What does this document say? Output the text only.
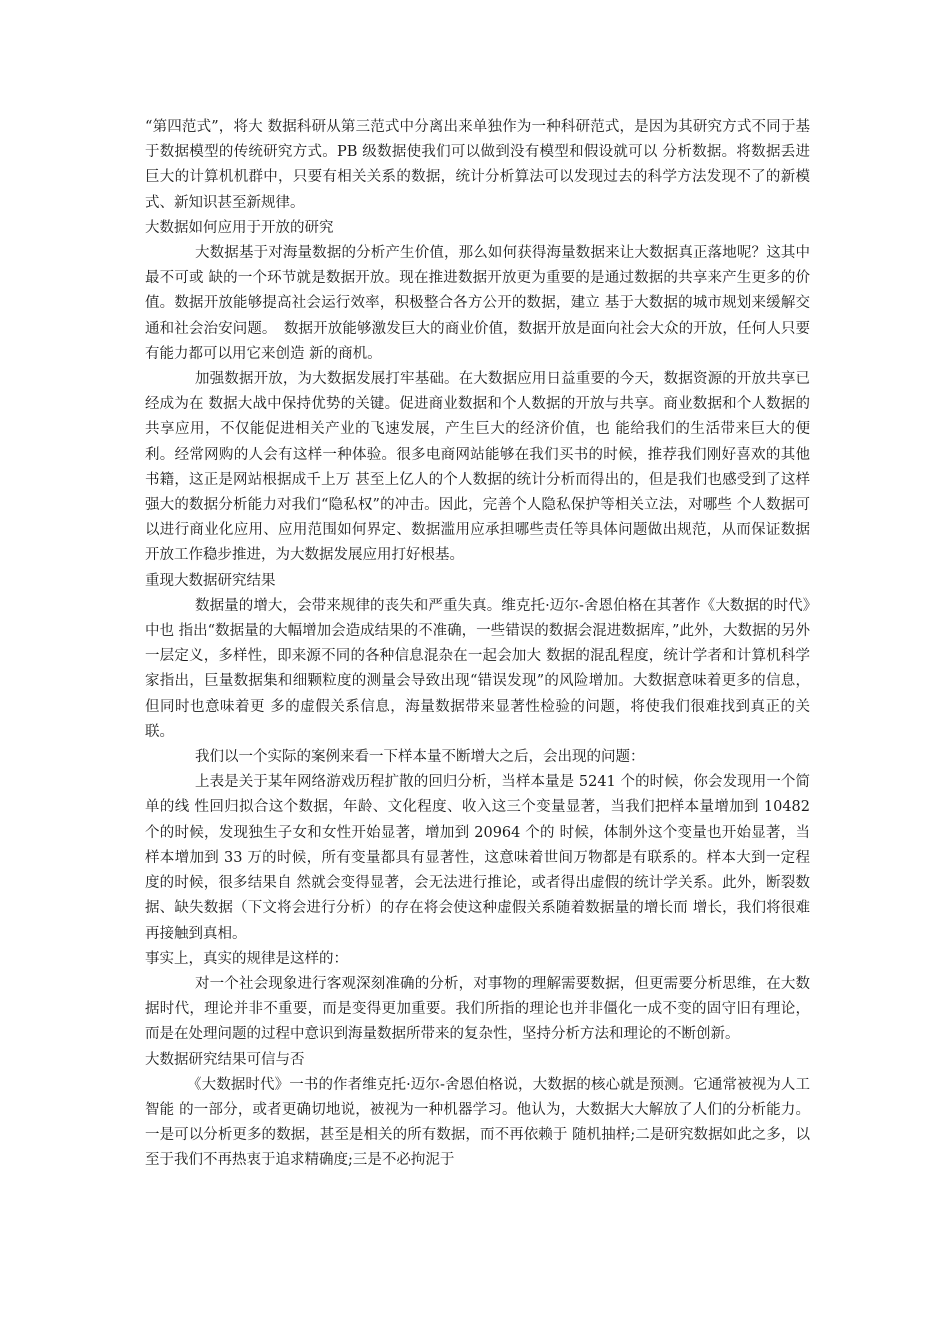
“第四范式”，将大 数据科研从第三范式中分离出来单独作为一种科研范式，是因为其研究方式不同于基于数据模型的传统研究方式。PB 级数据使我们可以做到没有模型和假设就可以 分析数据。将数据丢进巨大的计算机机群中，只要有相关关系的数据，统计分析算法可以发现过去的科学方法发现不了的新模式、新知识甚至新规律。

大数据如何应用于开放的研究

大数据基于对海量数据的分析产生价值，那么如何获得海量数据来让大数据真正落地呢？这其中最不可或 缺的一个环节就是数据开放。现在推进数据开放更为重要的是通过数据的共享来产生更多的价值。数据开放能够提高社会运行效率，积极整合各方公开的数据，建立 基于大数据的城市规划来缓解交通和社会治安问题。　数据开放能够激发巨大的商业价值，数据开放是面向社会大众的开放，任何人只要有能力都可以用它来创造 新的商机。

加强数据开放，为大数据发展打牢基础。在大数据应用日益重要的今天，数据资源的开放共享已经成为在 数据大战中保持优势的关键。促进商业数据和个人数据的开放与共享。商业数据和个人数据的共享应用，不仅能促进相关产业的飞速发展，产生巨大的经济价值，也 能给我们的生活带来巨大的便利。经常网购的人会有这样一种体验。很多电商网站能够在我们买书的时候，推荐我们刚好喜欢的其他书籍，这正是网站根据成千上万 甚至上亿人的个人数据的统计分析而得出的，但是我们也感受到了这样强大的数据分析能力对我们“隐私权”的冲击。因此，完善个人隐私保护等相关立法，对哪些 个人数据可以进行商业化应用、应用范围如何界定、数据滥用应承担哪些责任等具体问题做出规范，从而保证数据开放工作稳步推进，为大数据发展应用打好根基。

重现大数据研究结果

数据量的增大，会带来规律的丧失和严重失真。维克托·迈尔-舍恩伯格在其著作《大数据的时代》中也 指出“数据量的大幅增加会造成结果的不准确，一些错误的数据会混进数据库，”此外，大数据的另外一层定义，多样性，即来源不同的各种信息混杂在一起会加大 数据的混乱程度，统计学者和计算机科学家指出，巨量数据集和细颗粒度的测量会导致出现“错误发现”的风险增加。大数据意味着更多的信息，但同时也意味着更 多的虚假关系信息，海量数据带来显著性检验的问题，将使我们很难找到真正的关联。

我们以一个实际的案例来看一下样本量不断增大之后，会出现的问题：

上表是关于某年网络游戏历程扩散的回归分析，当样本量是 5241 个的时候，你会发现用一个简单的线 性回归拟合这个数据，年龄、文化程度、收入这三个变量显著，当我们把样本量增加到 10482 个的时候，发现独生子女和女性开始显著，增加到 20964 个的 时候，体制外这个变量也开始显著，当样本增加到 33 万的时候，所有变量都具有显著性，这意味着世间万物都是有联系的。样本大到一定程度的时候，很多结果自 然就会变得显著，会无法进行推论，或者得出虚假的统计学关系。此外，断裂数据、缺失数据（下文将会进行分析）的存在将会使这种虚假关系随着数据量的增长而 增长，我们将很难再接触到真相。

事实上，真实的规律是这样的：

对一个社会现象进行客观深刻准确的分析，对事物的理解需要数据，但更需要分析思维，在大数据时代，理论并非不重要，而是变得更加重要。我们所指的理论也并非僵化一成不变的固守旧有理论，而是在处理问题的过程中意识到海量数据所带来的复杂性，坚持分析方法和理论的不断创新。

大数据研究结果可信与否

《大数据时代》一书的作者维克托·迈尔-舍恩伯格说，大数据的核心就是预测。它通常被视为人工智能 的一部分，或者更确切地说，被视为一种机器学习。他认为，大数据大大解放了人们的分析能力。一是可以分析更多的数据，甚至是相关的所有数据，而不再依赖于 随机抽样;二是研究数据如此之多，以至于我们不再热衷于追求精确度;三是不必拘泥于
